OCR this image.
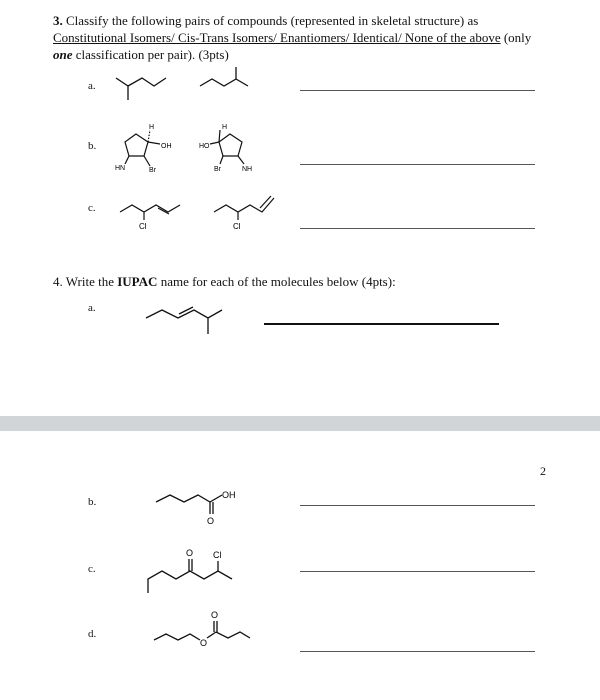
3. Classify the following pairs of compounds (represented in skeletal structure) as Constitutional Isomers/ Cis-Trans Isomers/ Enantiomers/ Identical/ None of the above (only one classification per pair). (3pts)
a.
b.
H
OH
HN	Br
H
HO
Br	NH
c.
Cl	Cl
4. Write the IUPAC name for each of the molecules below (4pts):
a.
2
b.
OH
O
c.
O Cl
d.
O
O
